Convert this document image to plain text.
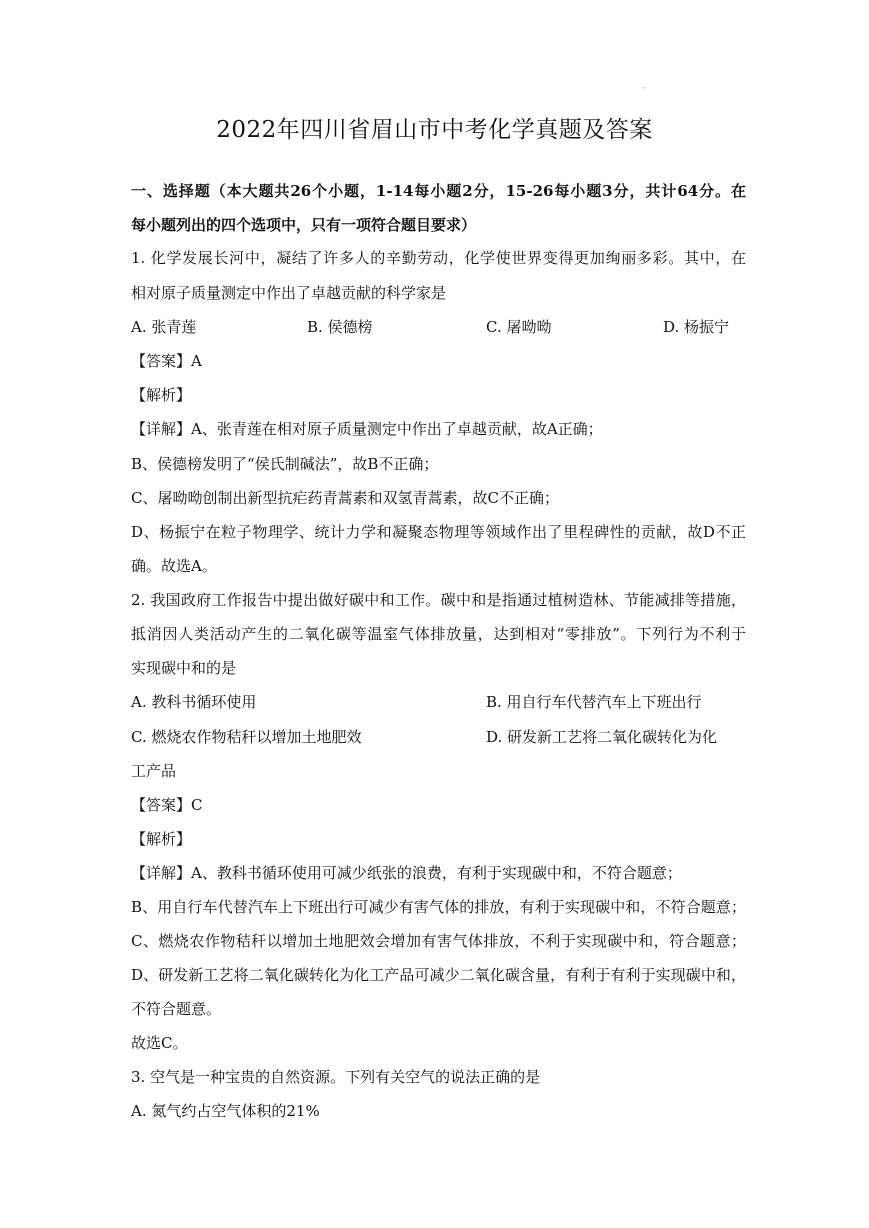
·
2022年四川省眉山市中考化学真题及答案
一、选择题（本大题共26个小题，1-14每小题2分，15-26每小题3分，共计64分。在
每小题列出的四个选项中，只有一项符合题目要求）
1. 化学发展长河中，凝结了许多人的辛勤劳动，化学使世界变得更加绚丽多彩。其中，在
相对原子质量测定中作出了卓越贡献的科学家是
A. 张青莲	B. 侯德榜	C. 屠呦呦	D. 杨振宁
【答案】A
【解析】
【详解】A、张青莲在相对原子质量测定中作出了卓越贡献，故A正确；
B、侯德榜发明了“侯氏制碱法”，故B不正确；
C、屠呦呦创制出新型抗疟药青蒿素和双氢青蒿素，故C不正确；
D、杨振宁在粒子物理学、统计力学和凝聚态物理等领域作出了里程碑性的贡献，故D不正
确。故选A。
2. 我国政府工作报告中提出做好碳中和工作。碳中和是指通过植树造林、节能减排等措施，
抵消因人类活动产生的二氧化碳等温室气体排放量，达到相对“零排放”。下列行为不利于
实现碳中和的是
A. 教科书循环使用	B. 用自行车代替汽车上下班出行
C. 燃烧农作物秸秆以增加土地肥效	D. 研发新工艺将二氧化碳转化为化
工产品
【答案】C
【解析】
【详解】A、教科书循环使用可减少纸张的浪费，有利于实现碳中和，不符合题意；
B、用自行车代替汽车上下班出行可减少有害气体的排放，有利于实现碳中和，不符合题意；
C、燃烧农作物秸秆以增加土地肥效会增加有害气体排放，不利于实现碳中和，符合题意；
D、研发新工艺将二氧化碳转化为化工产品可减少二氧化碳含量，有利于有利于实现碳中和，
不符合题意。
故选C。
3. 空气是一种宝贵的自然资源。下列有关空气的说法正确的是
A. 氮气约占空气体积的21%
